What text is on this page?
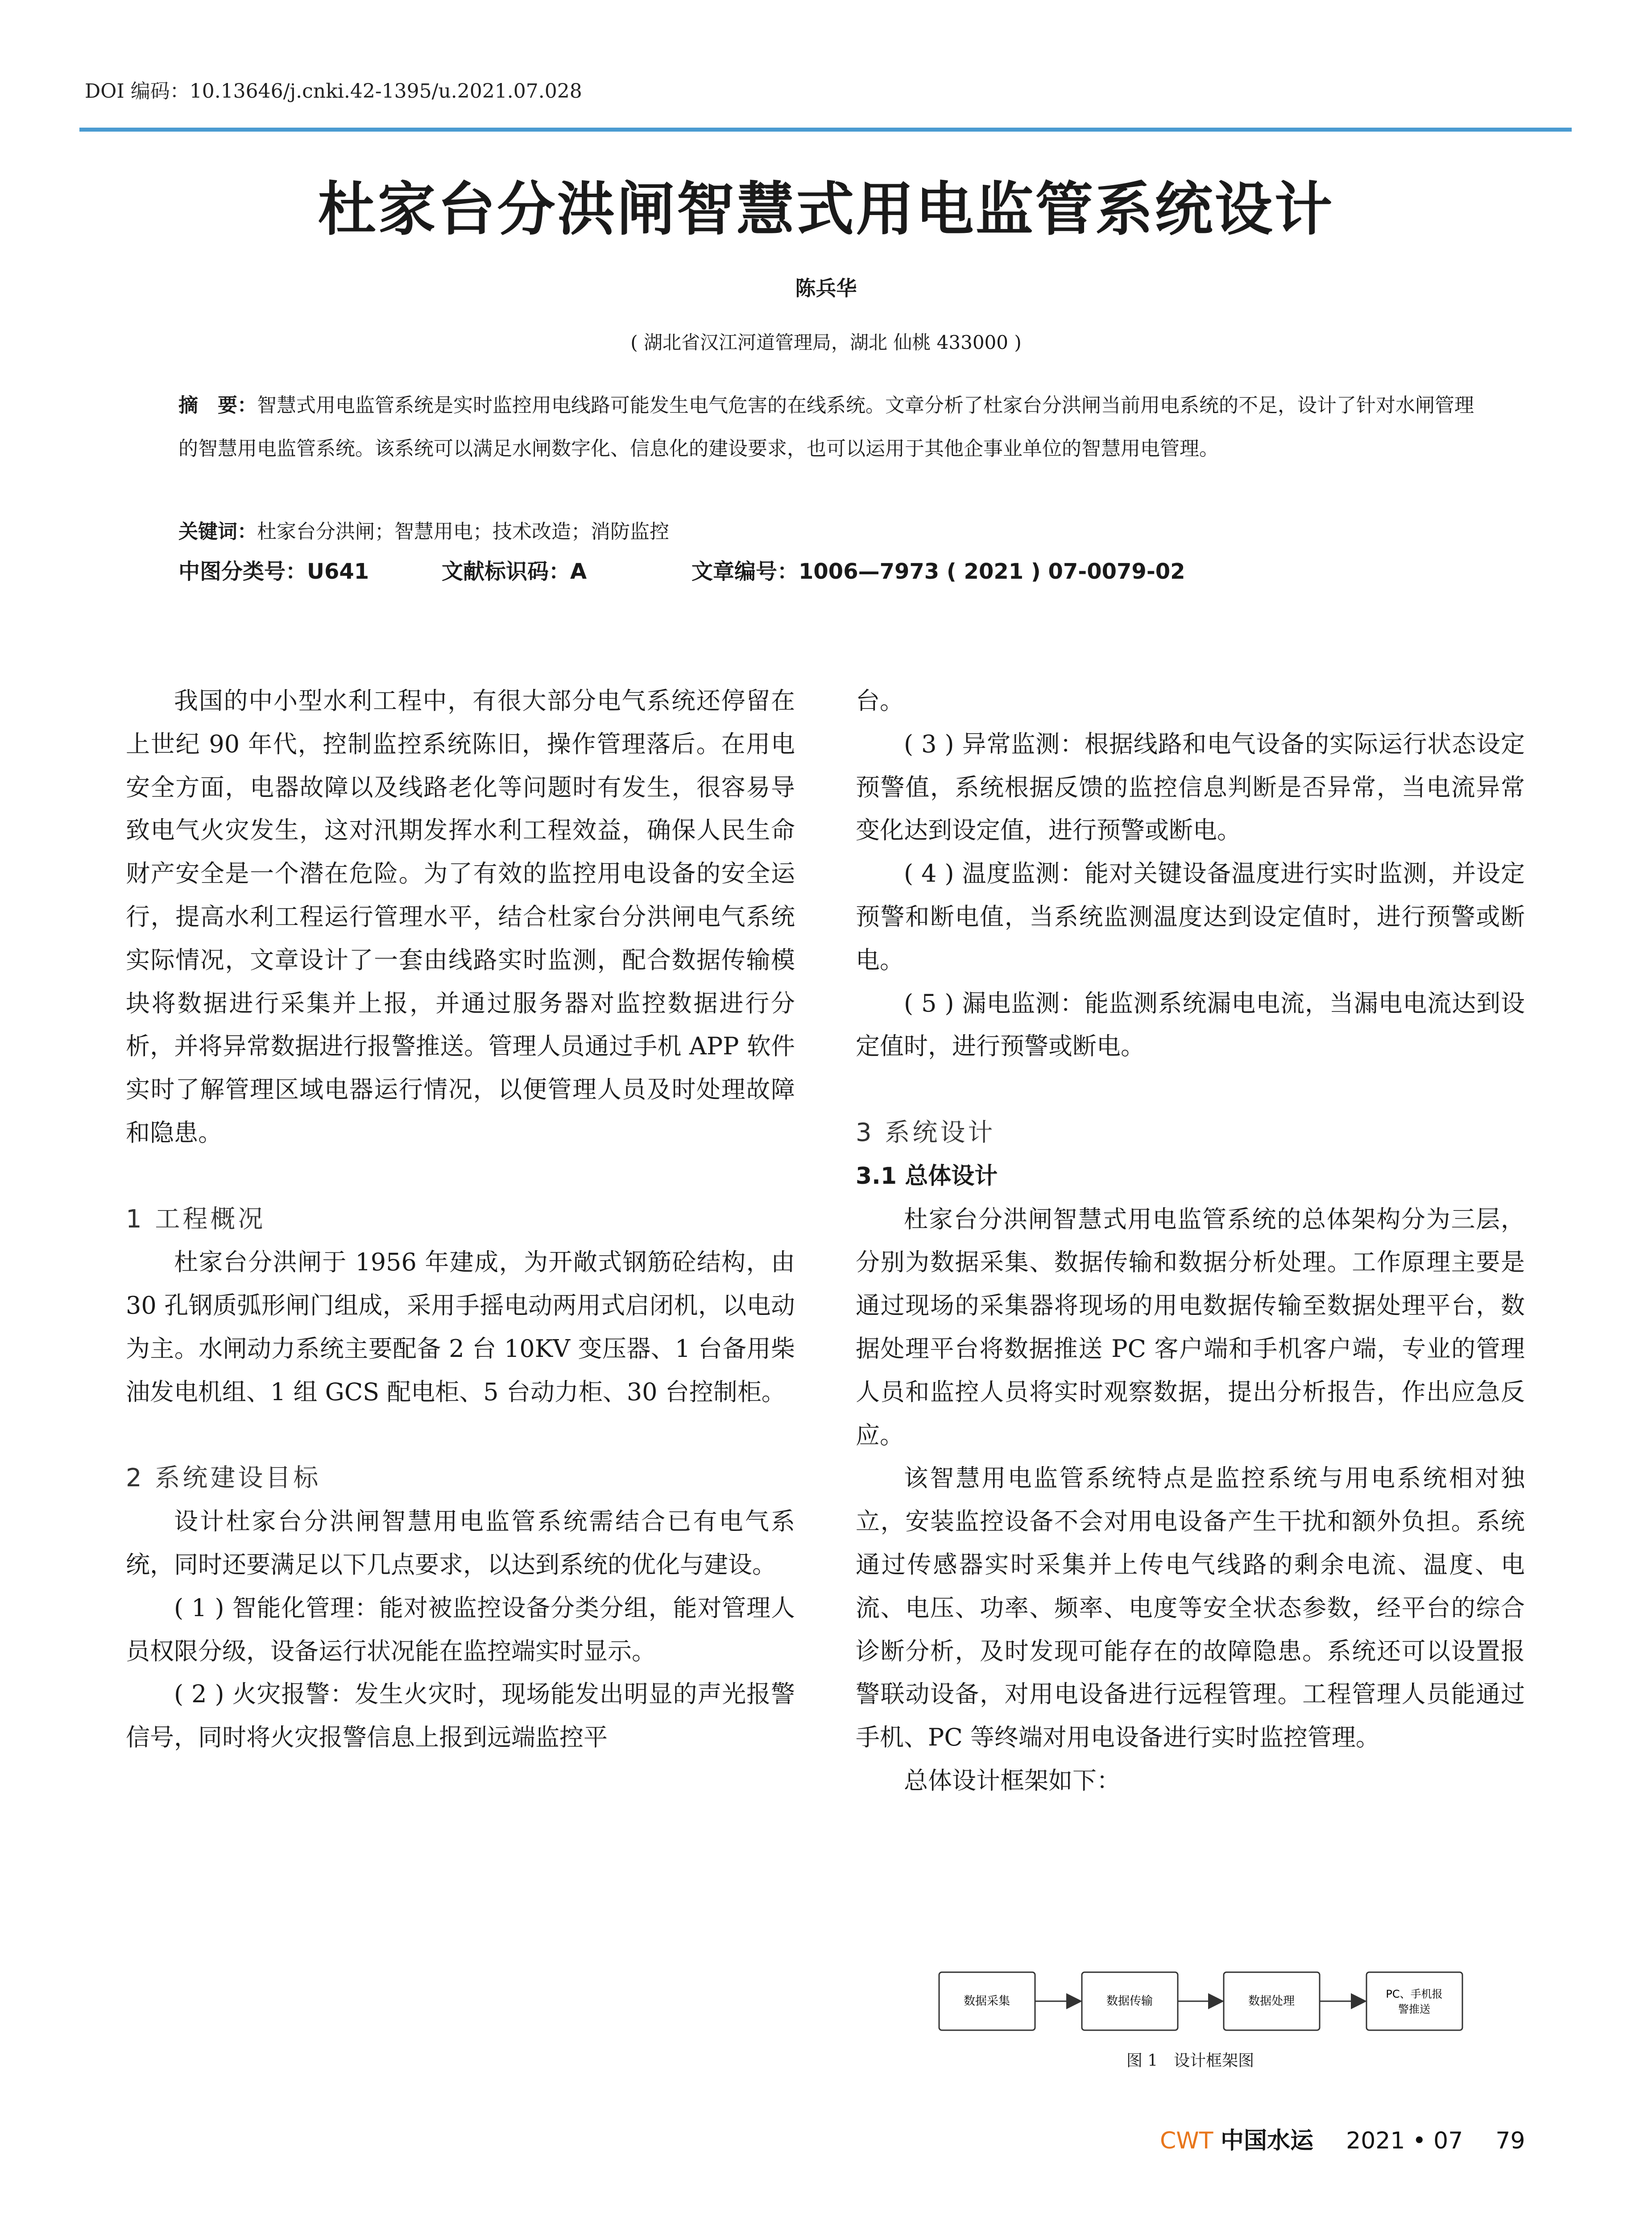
DOI 编码：10.13646/j.cnki.42-1395/u.2021.07.028
杜家台分洪闸智慧式用电监管系统设计
陈兵华
( 湖北省汉江河道管理局，湖北 仙桃 433000 )
摘　要：智慧式用电监管系统是实时监控用电线路可能发生电气危害的在线系统。文章分析了杜家台分洪闸当前用电系统的不足，设计了针对水闸管理的智慧用电监管系统。该系统可以满足水闸数字化、信息化的建设要求，也可以运用于其他企事业单位的智慧用电管理。
关键词：杜家台分洪闸；智慧用电；技术改造；消防监控
中图分类号：U641	文献标识码：A	文章编号：1006—7973 ( 2021 ) 07-0079-02

我国的中小型水利工程中，有很大部分电气系统还停留在上世纪 90 年代，控制监控系统陈旧，操作管理落后。在用电安全方面，电器故障以及线路老化等问题时有发生，很容易导致电气火灾发生，这对汛期发挥水利工程效益，确保人民生命财产安全是一个潜在危险。为了有效的监控用电设备的安全运行，提高水利工程运行管理水平，结合杜家台分洪闸电气系统实际情况，文章设计了一套由线路实时监测，配合数据传输模块将数据进行采集并上报，并通过服务器对监控数据进行分析，并将异常数据进行报警推送。管理人员通过手机 APP 软件实时了解管理区域电器运行情况，以便管理人员及时处理故障和隐患。

1 工程概况

杜家台分洪闸于 1956 年建成，为开敞式钢筋砼结构，由 30 孔钢质弧形闸门组成，采用手摇电动两用式启闭机，以电动为主。水闸动力系统主要配备 2 台 10KV 变压器、1 台备用柴油发电机组、1 组 GCS 配电柜、5 台动力柜、30 台控制柜。

2 系统建设目标

设计杜家台分洪闸智慧用电监管系统需结合已有电气系统，同时还要满足以下几点要求，以达到系统的优化与建设。

( 1 ) 智能化管理：能对被监控设备分类分组，能对管理人员权限分级，设备运行状况能在监控端实时显示。

( 2 ) 火灾报警：发生火灾时，现场能发出明显的声光报警信号，同时将火灾报警信息上报到远端监控平

台。

( 3 ) 异常监测：根据线路和电气设备的实际运行状态设定预警值，系统根据反馈的监控信息判断是否异常，当电流异常变化达到设定值，进行预警或断电。

( 4 ) 温度监测：能对关键设备温度进行实时监测，并设定预警和断电值，当系统监测温度达到设定值时，进行预警或断电。

( 5 ) 漏电监测：能监测系统漏电电流，当漏电电流达到设定值时，进行预警或断电。

3 系统设计
3.1 总体设计

杜家台分洪闸智慧式用电监管系统的总体架构分为三层，分别为数据采集、数据传输和数据分析处理。工作原理主要是通过现场的采集器将现场的用电数据传输至数据处理平台，数据处理平台将数据推送 PC 客户端和手机客户端，专业的管理人员和监控人员将实时观察数据，提出分析报告，作出应急反应。

该智慧用电监管系统特点是监控系统与用电系统相对独立，安装监控设备不会对用电设备产生干扰和额外负担。系统通过传感器实时采集并上传电气线路的剩余电流、温度、电流、电压、功率、频率、电度等安全状态参数，经平台的综合诊断分析，及时发现可能存在的故障隐患。系统还可以设置报警联动设备，对用电设备进行远程管理。工程管理人员能通过手机、PC 等终端对用电设备进行实时监控管理。

总体设计框架如下：

数据采集	数据传输	数据处理
PC、手机报
警推送
图 1　设计框架图
CWT 中国水运 2021 • 07 79
